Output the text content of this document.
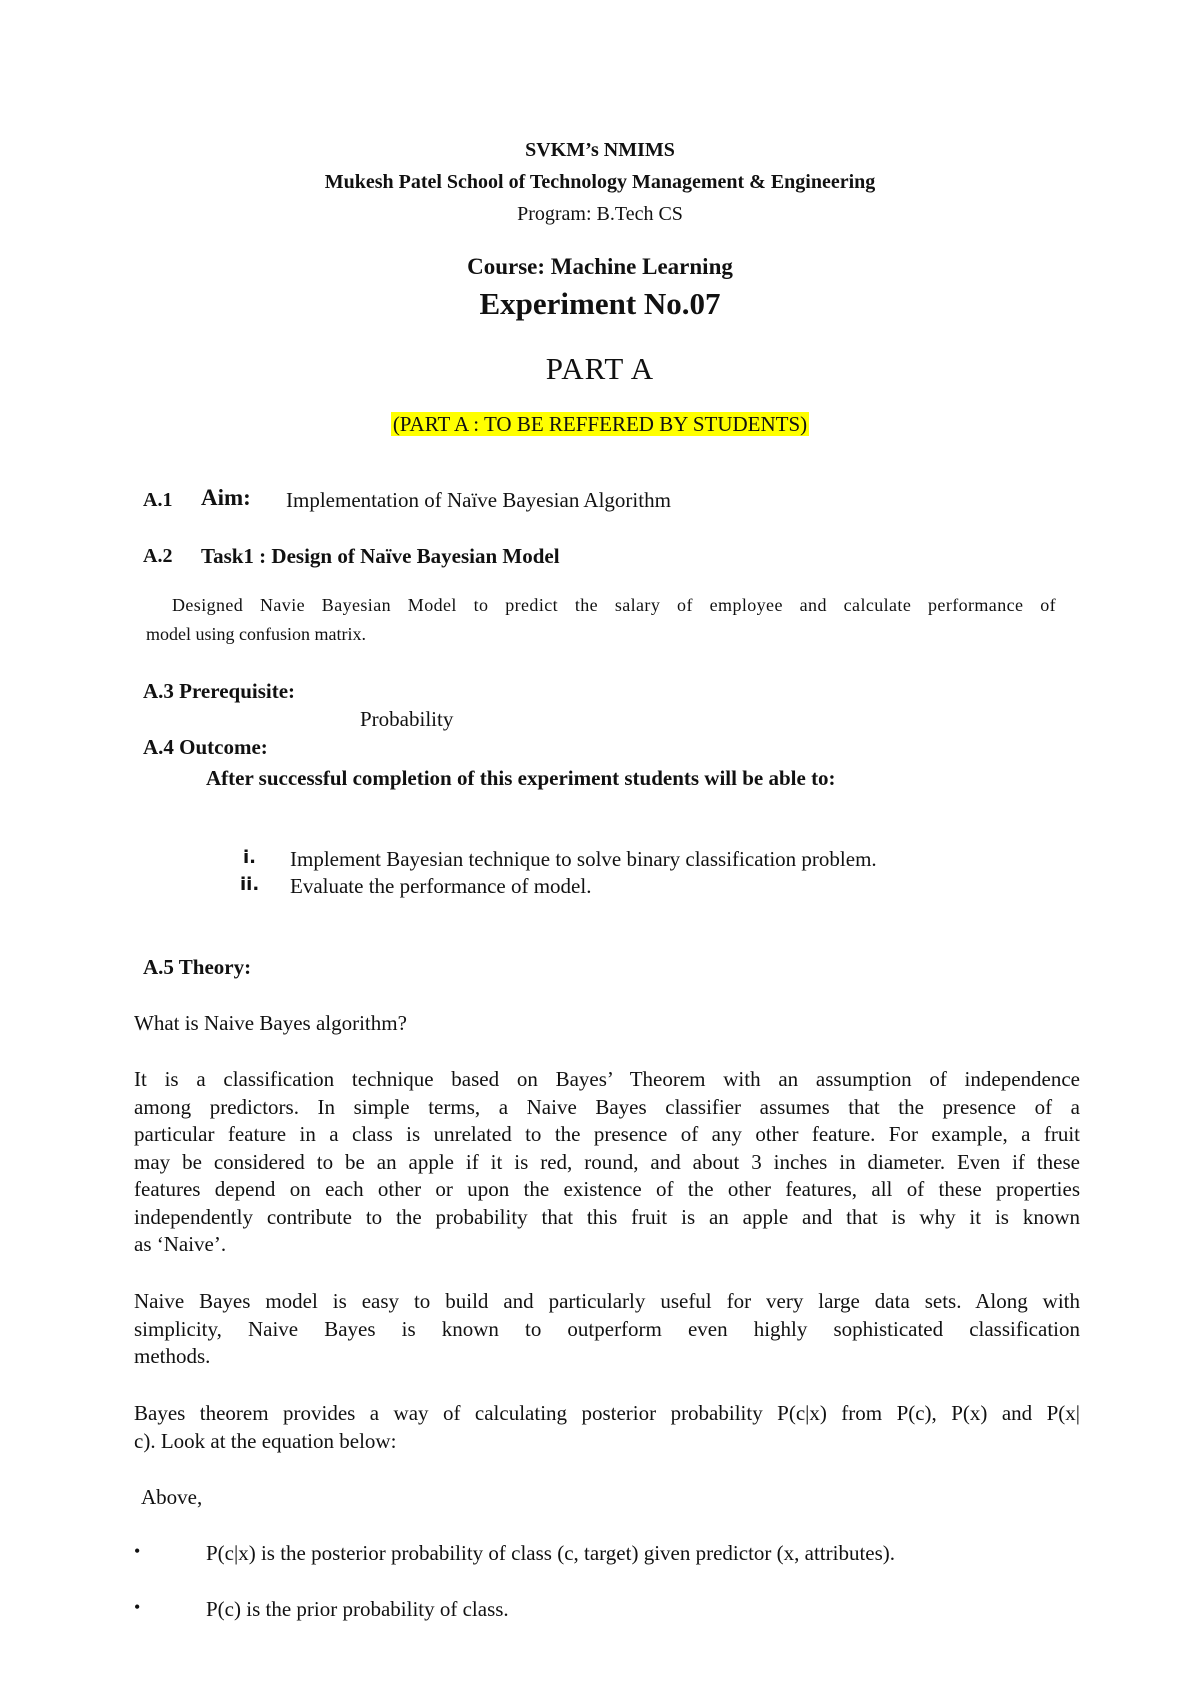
SVKM’s NMIMS
Mukesh Patel School of Technology Management & Engineering
Program: B.Tech CS
Course: Machine Learning
Experiment No.07
PART A
(PART A : TO BE REFFERED BY STUDENTS)
A.1 Aim: Implementation of Naïve Bayesian Algorithm
A.2 Task1 : Design of Naïve Bayesian Model
Designed Navie Bayesian Model to predict the salary of employee and calculate performance of
model using confusion matrix.
A.3 Prerequisite:
Probability
A.4 Outcome:
After successful completion of this experiment students will be able to:
i. Implement Bayesian technique to solve binary classification problem.
ii. Evaluate the performance of model.
A.5 Theory:
What is Naive Bayes algorithm?
It is a classification technique based on Bayes’ Theorem with an assumption of independence
among predictors. In simple terms, a Naive Bayes classifier assumes that the presence of a
particular feature in a class is unrelated to the presence of any other feature. For example, a fruit
may be considered to be an apple if it is red, round, and about 3 inches in diameter. Even if these
features depend on each other or upon the existence of the other features, all of these properties
independently contribute to the probability that this fruit is an apple and that is why it is known
as ‘Naive’.
Naive Bayes model is easy to build and particularly useful for very large data sets. Along with
simplicity, Naive Bayes is known to outperform even highly sophisticated classification
methods.
Bayes theorem provides a way of calculating posterior probability P(c|x) from P(c), P(x) and P(x|
c). Look at the equation below:
Above,
•	P(c|x) is the posterior probability of class (c, target) given predictor (x, attributes).
•	P(c) is the prior probability of class.
